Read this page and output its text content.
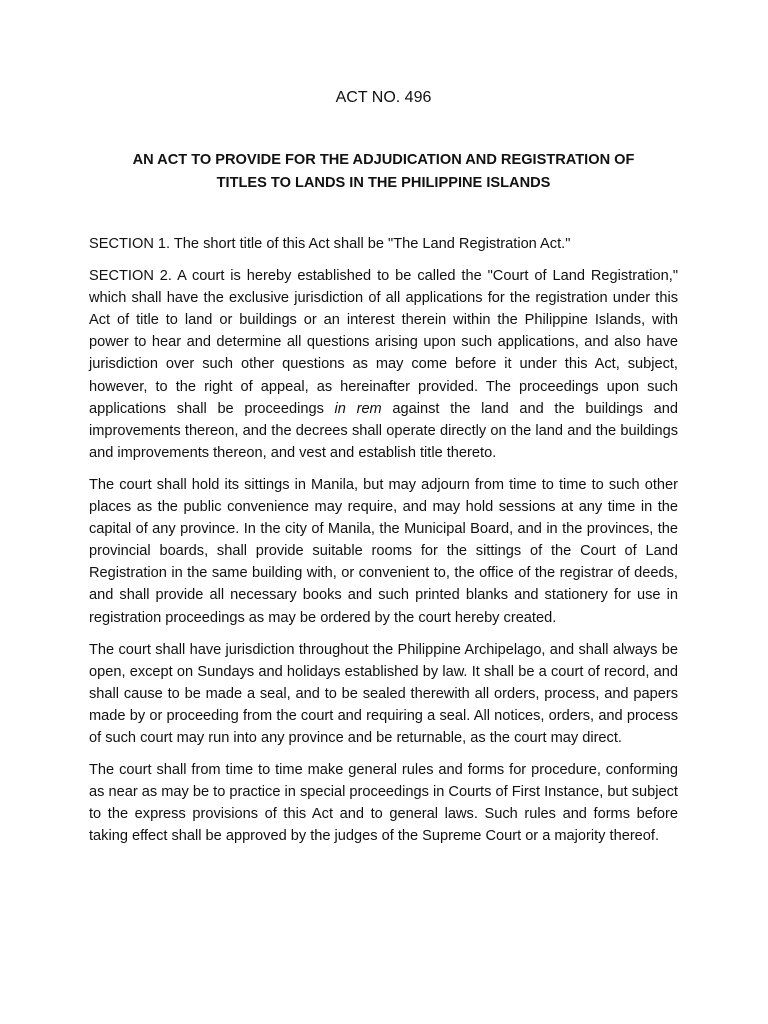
ACT NO. 496
AN ACT TO PROVIDE FOR THE ADJUDICATION AND REGISTRATION OF
TITLES TO LANDS IN THE PHILIPPINE ISLANDS

SECTION 1. The short title of this Act shall be "The Land Registration Act."

SECTION 2. A court is hereby established to be called the "Court of Land Registration," which shall have the exclusive jurisdiction of all applications for the registration under this Act of title to land or buildings or an interest therein within the Philippine Islands, with power to hear and determine all questions arising upon such applications, and also have jurisdiction over such other questions as may come before it under this Act, subject, however, to the right of appeal, as hereinafter provided. The proceedings upon such applications shall be proceedings in rem against the land and the buildings and improvements thereon, and the decrees shall operate directly on the land and the buildings and improvements thereon, and vest and establish title thereto.

The court shall hold its sittings in Manila, but may adjourn from time to time to such other places as the public convenience may require, and may hold sessions at any time in the capital of any province. In the city of Manila, the Municipal Board, and in the provinces, the provincial boards, shall provide suitable rooms for the sittings of the Court of Land Registration in the same building with, or convenient to, the office of the registrar of deeds, and shall provide all necessary books and such printed blanks and stationery for use in registration proceedings as may be ordered by the court hereby created.

The court shall have jurisdiction throughout the Philippine Archipelago, and shall always be open, except on Sundays and holidays established by law. It shall be a court of record, and shall cause to be made a seal, and to be sealed therewith all orders, process, and papers made by or proceeding from the court and requiring a seal. All notices, orders, and process of such court may run into any province and be returnable, as the court may direct.

The court shall from time to time make general rules and forms for procedure, conforming as near as may be to practice in special proceedings in Courts of First Instance, but subject to the express provisions of this Act and to general laws. Such rules and forms before taking effect shall be approved by the judges of the Supreme Court or a majority thereof.
